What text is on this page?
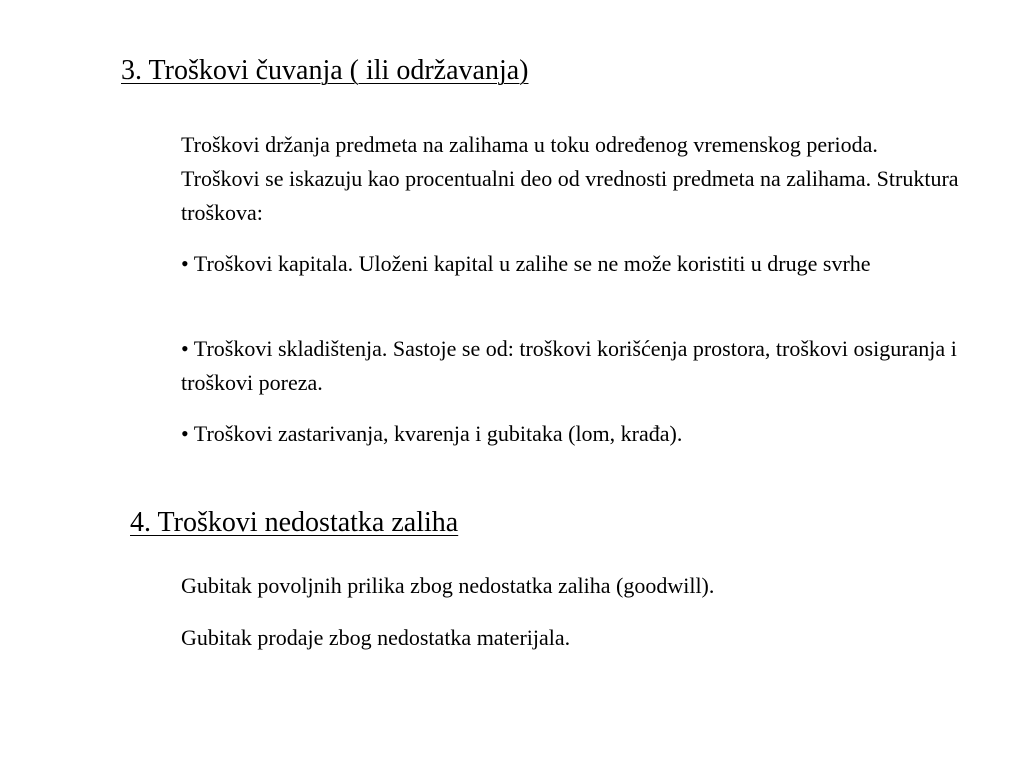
3. Troškovi čuvanja ( ili održavanja)

Troškovi držanja predmeta na zalihama u toku određenog vremenskog perioda. Troškovi se iskazuju kao procentualni deo od vrednosti predmeta na zalihama. Struktura troškova:

• Troškovi kapitala. Uloženi kapital u zalihe se ne može koristiti u druge svrhe

• Troškovi skladištenja. Sastoje se od: troškovi korišćenja prostora, troškovi osiguranja i troškovi poreza.

• Troškovi zastarivanja, kvarenja i gubitaka (lom, krađa).

4. Troškovi nedostatka zaliha

Gubitak povoljnih prilika zbog nedostatka zaliha (goodwill).

Gubitak prodaje zbog nedostatka materijala.
